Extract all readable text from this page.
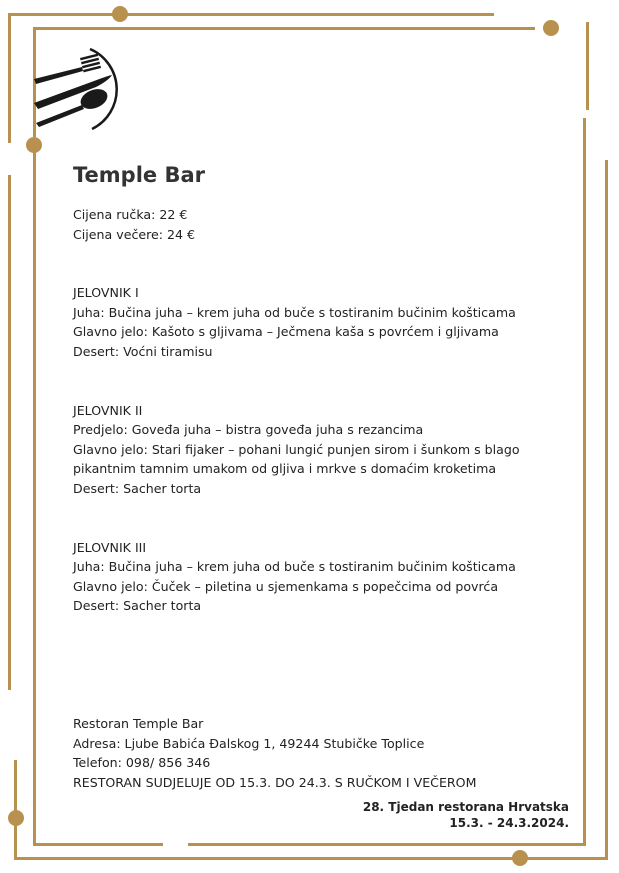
Temple Bar

Cijena ručka: 22 €

Cijena večere: 24 €

JELOVNIK I

Juha: Bučina juha – krem juha od buče s tostiranim bučinim košticama

Glavno jelo: Kašoto s gljivama – Ječmena kaša s povrćem i gljivama

Desert: Voćni tiramisu

JELOVNIK II

Predjelo: Goveđa juha – bistra goveđa juha s rezancima

Glavno jelo: Stari fijaker – pohani lungić punjen sirom i šunkom s blago

pikantnim tamnim umakom od gljiva i mrkve s domaćim kroketima

Desert: Sacher torta

JELOVNIK III

Juha: Bučina juha – krem juha od buče s tostiranim bučinim košticama

Glavno jelo: Čuček – piletina u sjemenkama s popečcima od povrća

Desert: Sacher torta

Restoran Temple Bar

Adresa: Ljube Babića Đalskog 1, 49244 Stubičke Toplice

Telefon: 098/ 856 346

RESTORAN SUDJELUJE OD 15.3. DO 24.3. S RUČKOM I VEČEROM

28. Tjedan restorana Hrvatska
15.3. - 24.3.2024.
